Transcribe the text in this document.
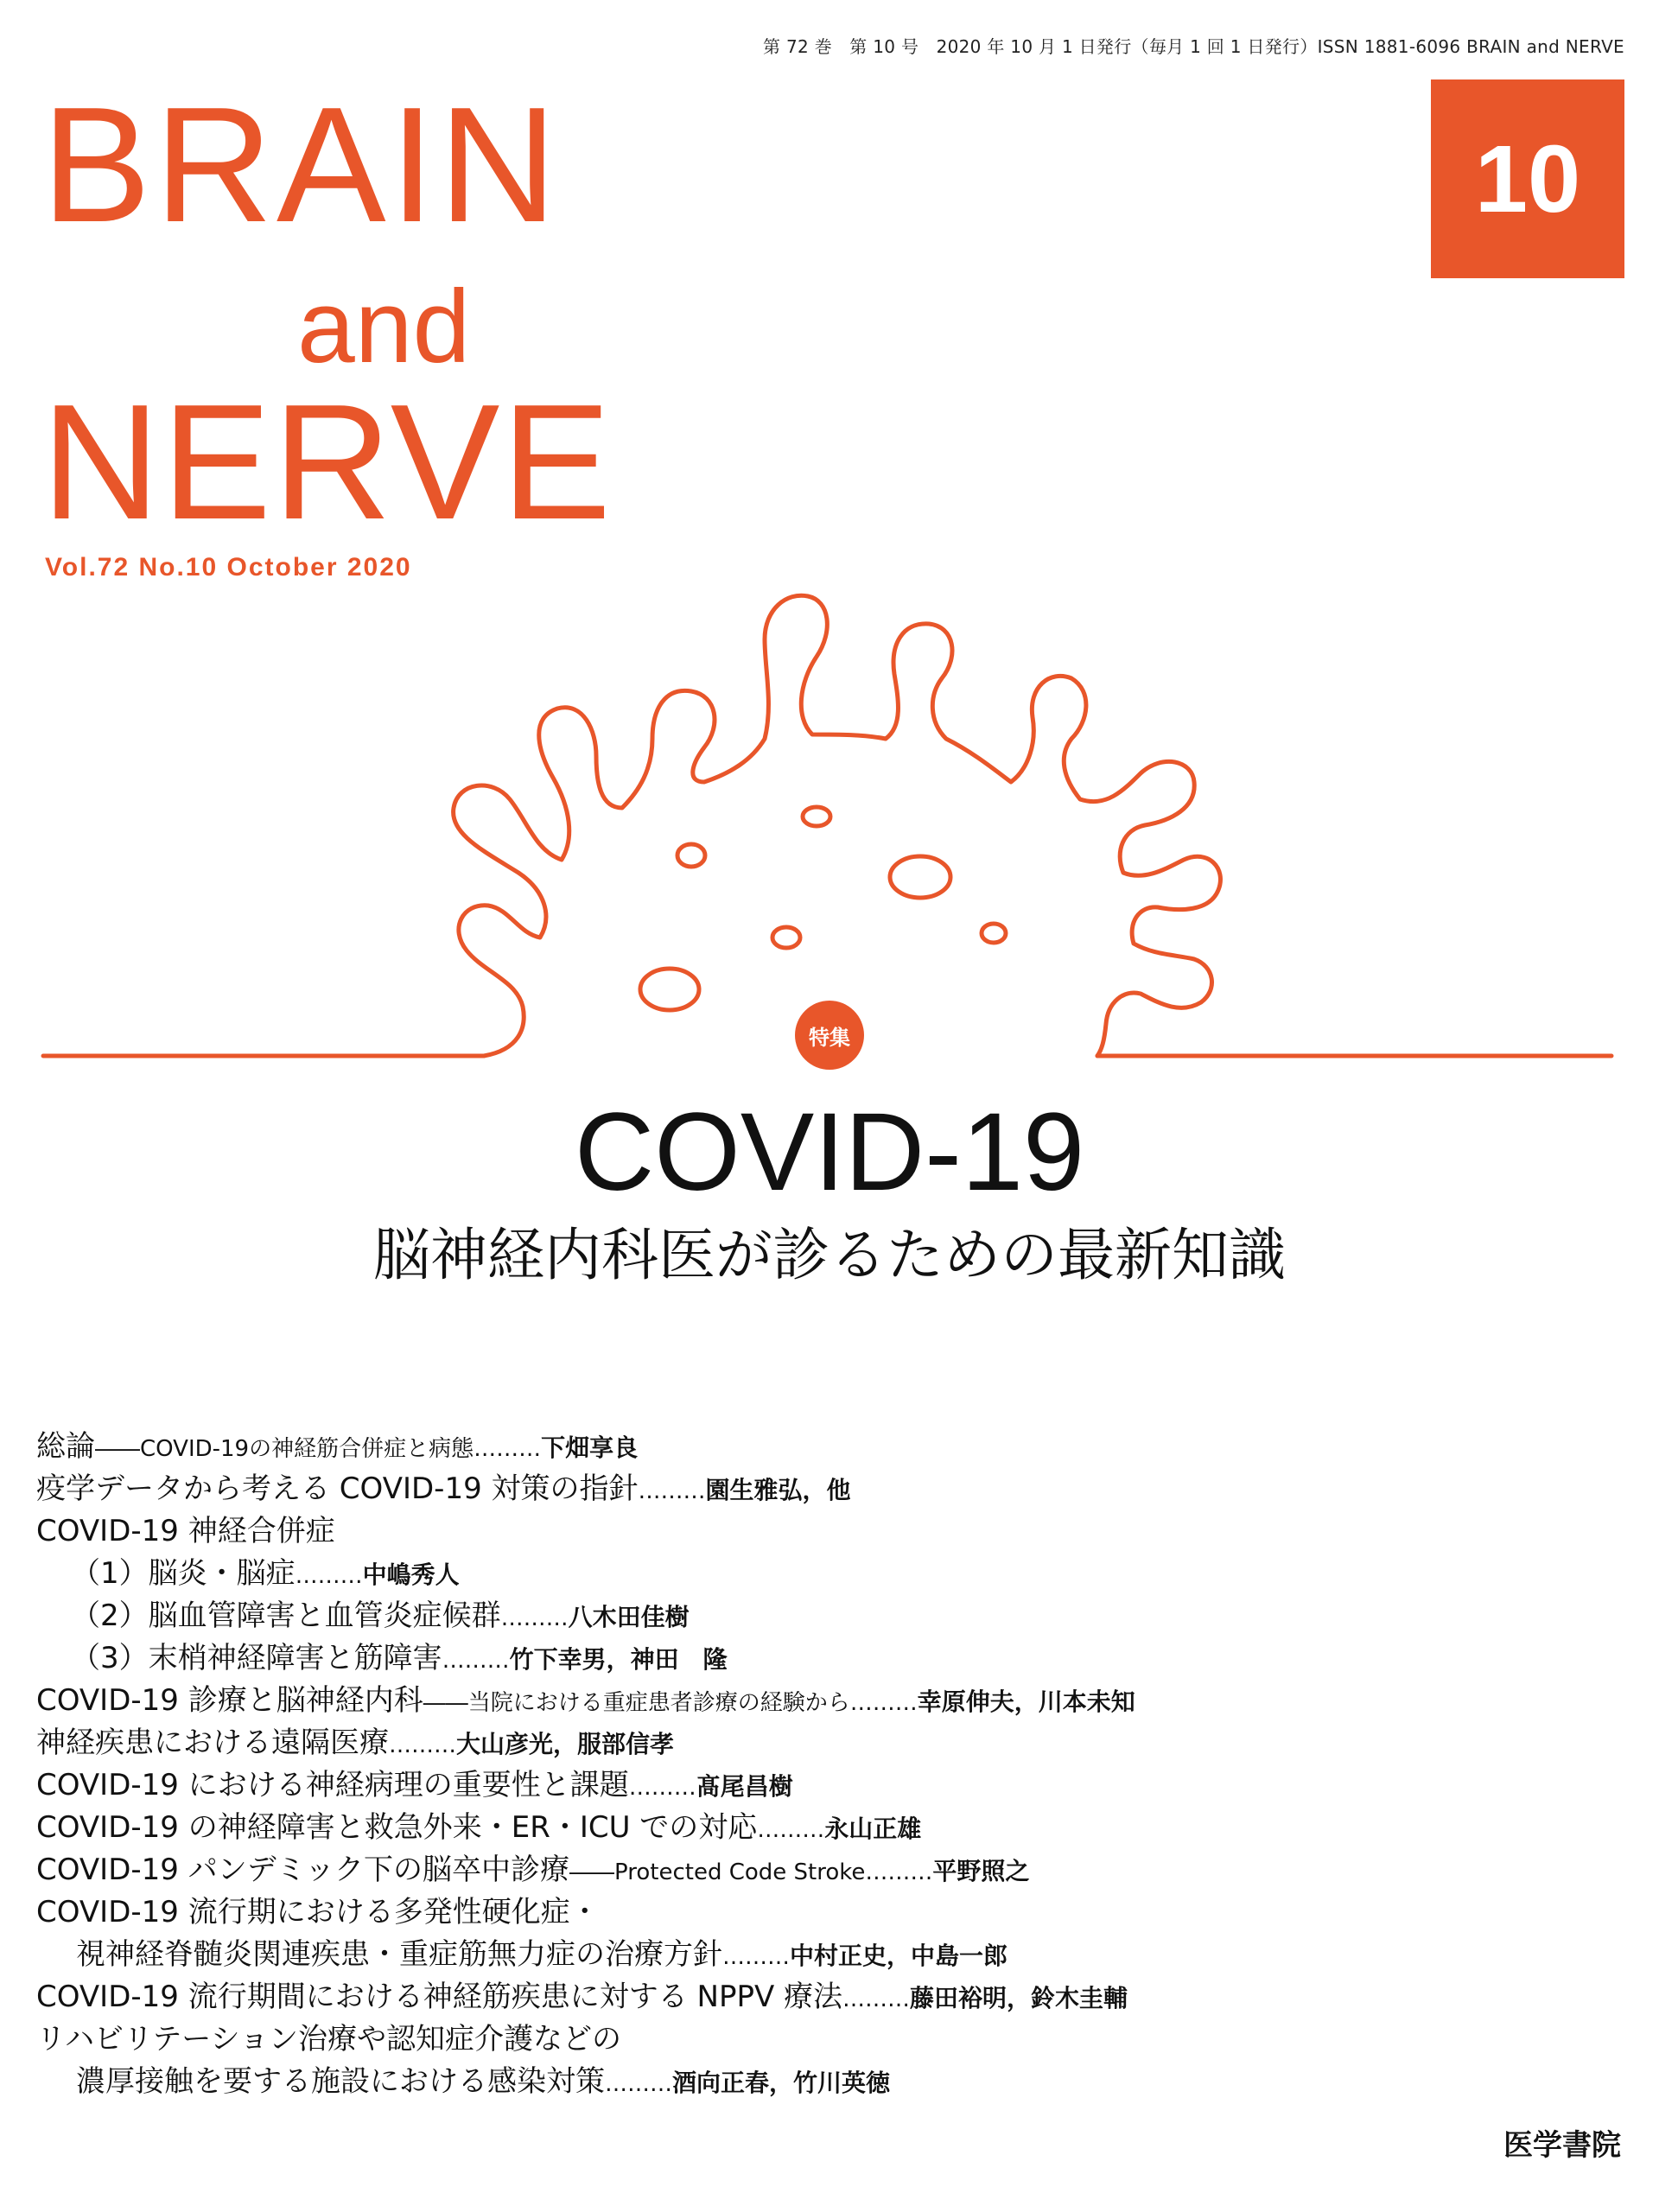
第 72 巻　第 10 号　2020 年 10 月 1 日発行（毎月 1 回 1 日発行）ISSN 1881-6096 BRAIN and NERVE
BRAIN
and
NERVE
Vol.72 No.10 October 2020
10
特集
COVID-19
脳神経内科医が診るための最新知識
総論――COVID-19の神経筋合併症と病態………下畑享良
疫学データから考える COVID-19 対策の指針………園生雅弘，他
COVID-19 神経合併症
（1）脳炎・脳症………中嶋秀人
（2）脳血管障害と血管炎症候群………八木田佳樹
（3）末梢神経障害と筋障害………竹下幸男，神田　隆
COVID-19 診療と脳神経内科――当院における重症患者診療の経験から………幸原伸夫，川本未知
神経疾患における遠隔医療………大山彦光，服部信孝
COVID-19 における神経病理の重要性と課題………髙尾昌樹
COVID-19 の神経障害と救急外来・ER・ICU での対応………永山正雄
COVID-19 パンデミック下の脳卒中診療――Protected Code Stroke………平野照之
COVID-19 流行期における多発性硬化症・
視神経脊髄炎関連疾患・重症筋無力症の治療方針………中村正史，中島一郎
COVID-19 流行期間における神経筋疾患に対する NPPV 療法………藤田裕明，鈴木圭輔
リハビリテーション治療や認知症介護などの
濃厚接触を要する施設における感染対策………酒向正春，竹川英徳
医学書院
